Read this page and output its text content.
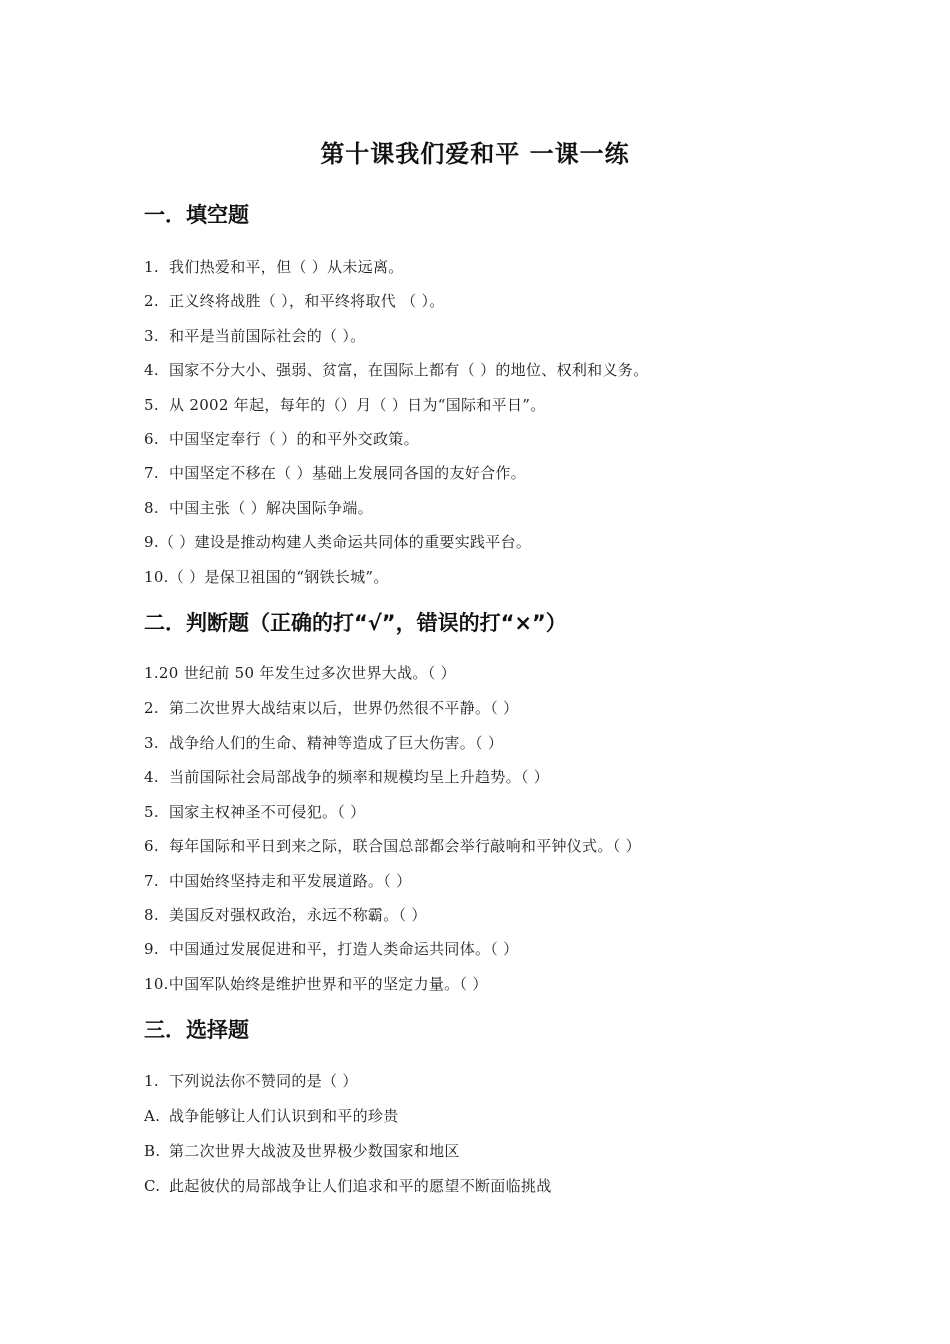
第十课我们爱和平 一课一练
一．填空题
1. 我们热爱和平，但（ ）从未远离。
2. 正义终将战胜（ ），和平终将取代 （ ）。
3. 和平是当前国际社会的（ ）。
4. 国家不分大小、强弱、贫富，在国际上都有（ ）的地位、权利和义务。
5. 从 2002 年起，每年的（）月（ ）日为“国际和平日”。
6. 中国坚定奉行（ ）的和平外交政策。
7. 中国坚定不移在（ ）基础上发展同各国的友好合作。
8. 中国主张（ ）解决国际争端。
9.（ ）建设是推动构建人类命运共同体的重要实践平台。
10.（ ）是保卫祖国的“钢铁长城”。
二．判断题（正确的打“√”，错误的打“×”）
1.20 世纪前 50 年发生过多次世界大战。（ ）
2. 第二次世界大战结束以后，世界仍然很不平静。（ ）
3. 战争给人们的生命、精神等造成了巨大伤害。（ ）
4. 当前国际社会局部战争的频率和规模均呈上升趋势。（ ）
5. 国家主权神圣不可侵犯。（ ）
6. 每年国际和平日到来之际，联合国总部都会举行敲响和平钟仪式。（ ）
7. 中国始终坚持走和平发展道路。（ ）
8. 美国反对强权政治，永远不称霸。（ ）
9. 中国通过发展促进和平，打造人类命运共同体。（ ）
10.中国军队始终是维护世界和平的坚定力量。（ ）
三．选择题
1. 下列说法你不赞同的是（ ）
A. 战争能够让人们认识到和平的珍贵
B. 第二次世界大战波及世界极少数国家和地区
C. 此起彼伏的局部战争让人们追求和平的愿望不断面临挑战
